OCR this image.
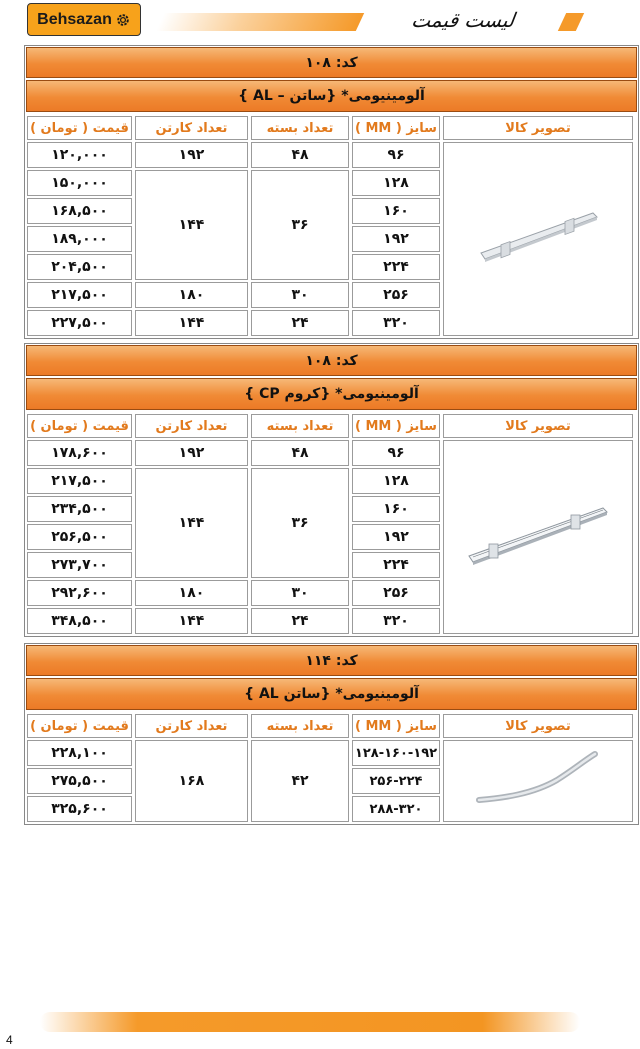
Behsazan	لیست قیمت
کد: ۱۰۸
آلومینیومی* {ساتن – AL }
قیمت ( تومان )	تعداد کارتن	تعداد بسته	سایز ( MM )	تصویر کالا
۱۲۰,۰۰۰	۱۹۲	۴۸	۹۶	
۱۵۰,۰۰۰	۱۴۴	۳۶	۱۲۸	
۱۶۸,۵۰۰			۱۶۰	
۱۸۹,۰۰۰			۱۹۲	
۲۰۴,۵۰۰			۲۲۴	
۲۱۷,۵۰۰	۱۸۰	۳۰	۲۵۶	
۲۲۷,۵۰۰	۱۴۴	۲۴	۳۲۰	
کد: ۱۰۸
آلومینیومی* {کروم CP }
قیمت ( تومان )	تعداد کارتن	تعداد بسته	سایز ( MM )	تصویر کالا
۱۷۸,۶۰۰	۱۹۲	۴۸	۹۶	
۲۱۷,۵۰۰	۱۴۴	۳۶	۱۲۸	
۲۳۴,۵۰۰			۱۶۰	
۲۵۶,۵۰۰			۱۹۲	
۲۷۳,۷۰۰			۲۲۴	
۲۹۲,۶۰۰	۱۸۰	۳۰	۲۵۶	
۳۴۸,۵۰۰	۱۴۴	۲۴	۳۲۰	
کد: ۱۱۴
آلومینیومی* {ساتن AL }
قیمت ( تومان )	تعداد کارتن	تعداد بسته	سایز ( MM )	تصویر کالا
۲۲۸,۱۰۰	۱۶۸	۴۲	۱۲۸-۱۶۰-۱۹۲	
۲۷۵,۵۰۰			۲۵۶-۲۲۴	
۳۲۵,۶۰۰			۲۸۸-۳۲۰	
4
